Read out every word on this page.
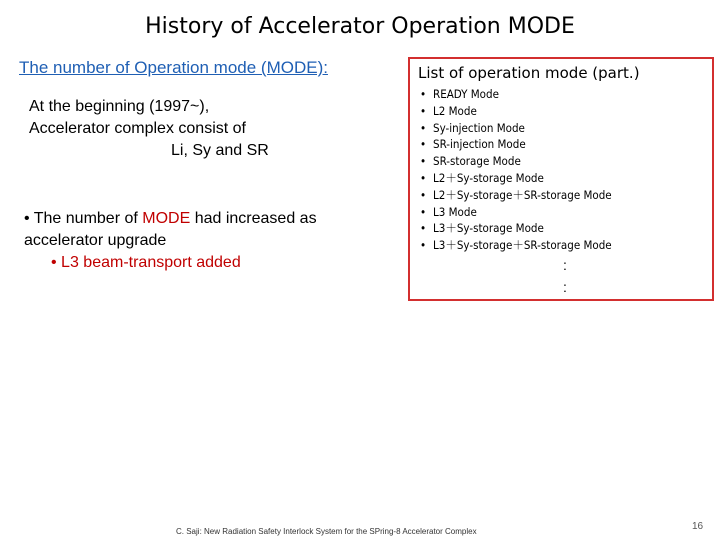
History of Accelerator Operation MODE
The number of Operation mode (MODE):
At the beginning (1997~),
Accelerator complex consist of
Li, Sy and SR
• The number of MODE had increased as
accelerator upgrade
• L3 beam-transport added
List of operation mode (part.)
• READY Mode
• L2 Mode
• Sy-injection Mode
• SR-injection Mode
• SR-storage Mode
• L2＋Sy-storage Mode
• L2＋Sy-storage＋SR-storage Mode
• L3 Mode
• L3＋Sy-storage Mode
• L3＋Sy-storage＋SR-storage Mode
:
:
C. Saji: New Radiation Safety Interlock System for the SPring-8 Accelerator Complex	16
